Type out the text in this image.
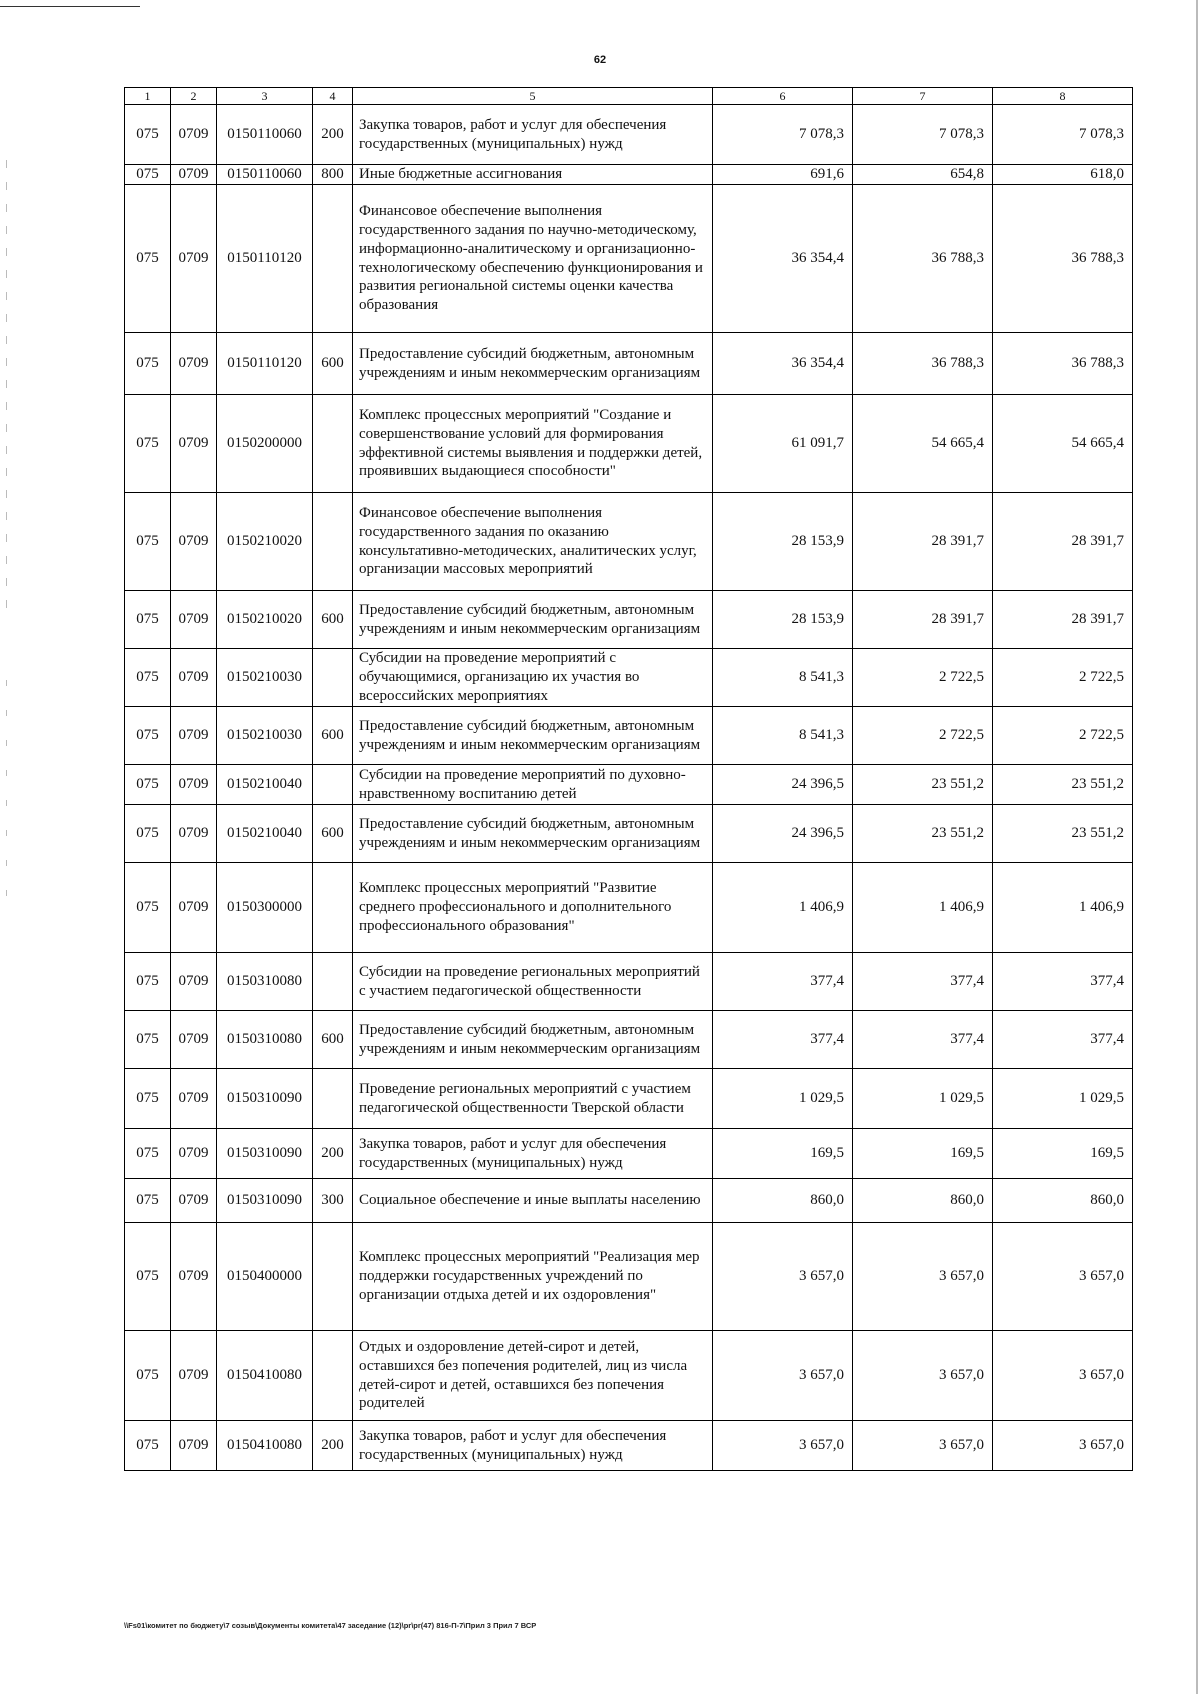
62
1	2	3	4	5	6	7	8
075	0709	0150110060	200	Закупка товаров, работ и услуг для обеспечения государственных (муниципальных) нужд	7 078,3	7 078,3	7 078,3
075	0709	0150110060	800	Иные бюджетные ассигнования	691,6	654,8	618,0
075	0709	0150110120		Финансовое обеспечение выполнения государственного задания по научно-методическому, информационно-аналитическому и организационно-технологическому обеспечению функционирования и развития региональной системы оценки качества образования	36 354,4	36 788,3	36 788,3
075	0709	0150110120	600	Предоставление субсидий бюджетным, автономным учреждениям и иным некоммерческим организациям	36 354,4	36 788,3	36 788,3
075	0709	0150200000		Комплекс процессных мероприятий "Создание и совершенствование условий для формирования эффективной системы выявления и поддержки детей, проявивших выдающиеся способности"	61 091,7	54 665,4	54 665,4
075	0709	0150210020		Финансовое обеспечение выполнения государственного задания по оказанию консультативно-методических, аналитических услуг, организации массовых мероприятий	28 153,9	28 391,7	28 391,7
075	0709	0150210020	600	Предоставление субсидий бюджетным, автономным учреждениям и иным некоммерческим организациям	28 153,9	28 391,7	28 391,7
075	0709	0150210030		Субсидии на проведение мероприятий с обучающимися, организацию их участия во всероссийских мероприятиях	8 541,3	2 722,5	2 722,5
075	0709	0150210030	600	Предоставление субсидий бюджетным, автономным учреждениям и иным некоммерческим организациям	8 541,3	2 722,5	2 722,5
075	0709	0150210040		Субсидии на проведение мероприятий по духовно-нравственному воспитанию детей	24 396,5	23 551,2	23 551,2
075	0709	0150210040	600	Предоставление субсидий бюджетным, автономным учреждениям и иным некоммерческим организациям	24 396,5	23 551,2	23 551,2
075	0709	0150300000		Комплекс процессных мероприятий "Развитие среднего профессионального и дополнительного профессионального образования"	1 406,9	1 406,9	1 406,9
075	0709	0150310080		Субсидии на проведение региональных мероприятий с участием педагогической общественности	377,4	377,4	377,4
075	0709	0150310080	600	Предоставление субсидий бюджетным, автономным учреждениям и иным некоммерческим организациям	377,4	377,4	377,4
075	0709	0150310090		Проведение региональных мероприятий с участием педагогической общественности Тверской области	1 029,5	1 029,5	1 029,5
075	0709	0150310090	200	Закупка товаров, работ и услуг для обеспечения государственных (муниципальных) нужд	169,5	169,5	169,5
075	0709	0150310090	300	Социальное обеспечение и иные выплаты населению	860,0	860,0	860,0
075	0709	0150400000		Комплекс процессных мероприятий "Реализация мер поддержки государственных учреждений по организации отдыха детей и их оздоровления"	3 657,0	3 657,0	3 657,0
075	0709	0150410080		Отдых и оздоровление детей-сирот и детей, оставшихся без попечения родителей, лиц из числа детей-сирот и детей, оставшихся без попечения родителей	3 657,0	3 657,0	3 657,0
075	0709	0150410080	200	Закупка товаров, работ и услуг для обеспечения государственных (муниципальных) нужд	3 657,0	3 657,0	3 657,0
\\Fs01\комитет по бюджету\7 созыв\Документы комитета\47 заседание (12)\pr\pr(47) 816-П-7\Прил 3 Прил 7 ВСР
